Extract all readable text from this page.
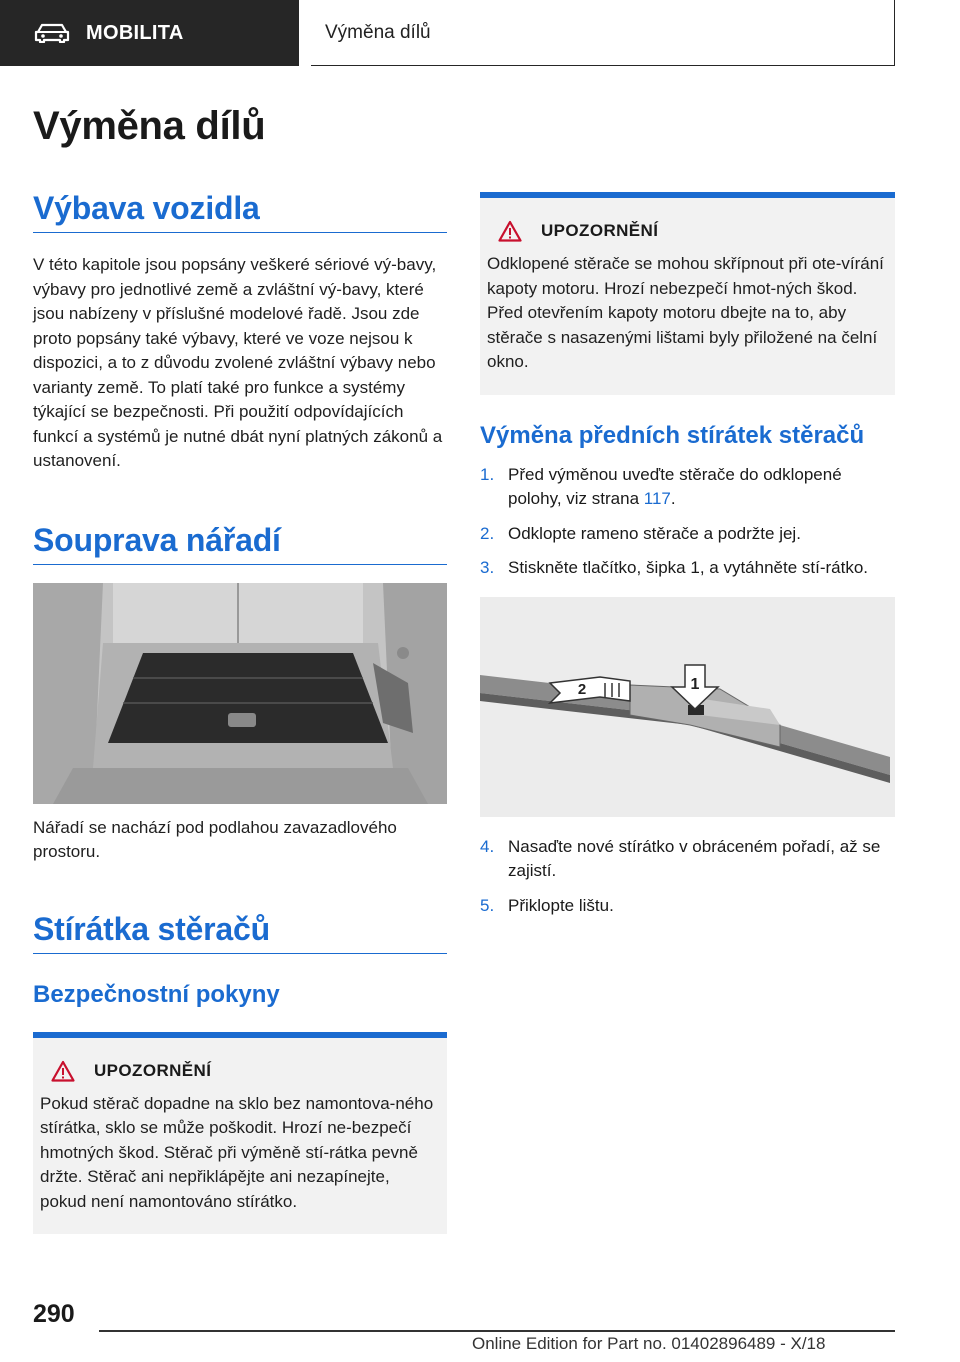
MOBILITA	Výměna dílů
Výměna dílů
Výbava vozidla

V této kapitole jsou popsány veškeré sériové vý-bavy, výbavy pro jednotlivé země a zvláštní vý-bavy, které jsou nabízeny v příslušné modelové řadě. Jsou zde proto popsány také výbavy, které ve voze nejsou k dispozici, a to z důvodu zvolené zvláštní výbavy nebo varianty země. To platí také pro funkce a systémy týkající se bezpečnosti. Při použití odpovídajících funkcí a systémů je nutné dbát nyní platných zákonů a ustanovení.

Souprava nářadí

Nářadí se nachází pod podlahou zavazadlového prostoru.

Stírátka stěračů
Bezpečnostní pokyny
UPOZORNĚNÍ

Pokud stěrač dopadne na sklo bez namontova-ného stírátka, sklo se může poškodit. Hrozí ne-bezpečí hmotných škod. Stěrač při výměně stí-rátka pevně držte. Stěrač ani nepřiklápějte ani nezapínejte, pokud není namontováno stírátko.

UPOZORNĚNÍ

Odklopené stěrače se mohou skřípnout při ote-vírání kapoty motoru. Hrozí nebezpečí hmot-ných škod. Před otevřením kapoty motoru dbejte na to, aby stěrače s nasazenými lištami byly přiložené na čelní okno.

Výměna předních stírátek stěračů
1. Před výměnou uveďte stěrače do odklopené polohy, viz strana 117.
2. Odklopte rameno stěrače a podržte jej.
3. Stiskněte tlačítko, šipka 1, a vytáhněte stí-rátko.
1
2
4. Nasaďte nové stírátko v obráceném pořadí, až se zajistí.
5. Přiklopte lištu.
290
Online Edition for Part no. 01402896489 - X/18
